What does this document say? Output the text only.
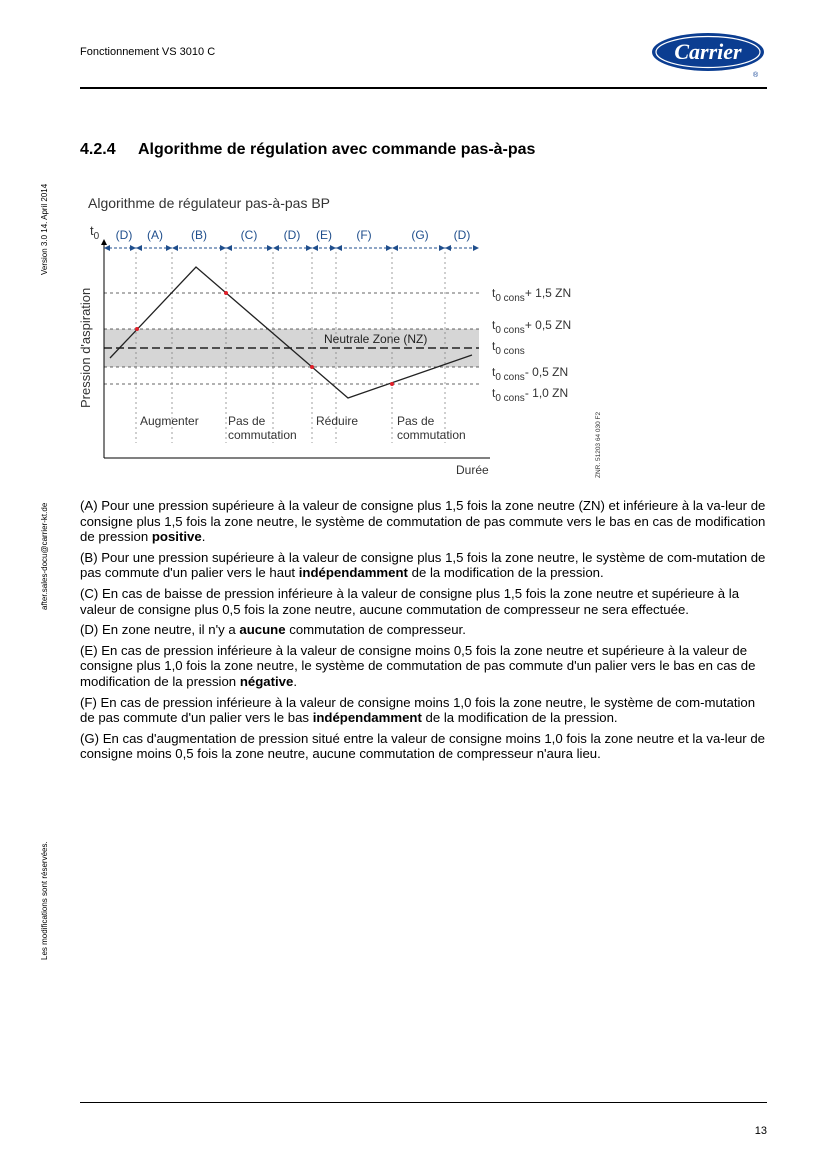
Fonctionnement VS 3010 C	Carrier
®
Version 3.0 14. April 2014
after.sales-docu@carrier-kt.de
Les modifications sont réservées.
4.2.4 Algorithme de régulation avec commande pas-à-pas
Algorithme de régulateur pas-à-pas BP
$t_0$
Pression d'aspiration	Neutrale Zone (NZ)
Durée
(D) (A) (B)	(C) (D) (E) (F)	(G) (D)
$t_{0 cons}+ 1,5$ ZN
$t_{0 cons}+ 0,5$ ZN
$t_{0 cons}$
$t_{0 cons}-$ 0,5 ZN
$t_{0 cons}-$ 1,0 ZN
Augmenter Pas de
commutation
Réduire	Pas de
commutation	ZNR. 51203 64 030 F2

(A) Pour une pression supérieure à la valeur de consigne plus 1,5 fois la zone neutre (ZN) et inférieure à la va-leur de consigne plus 1,5 fois la zone neutre, le système de commutation de pas commute vers le bas en cas de modification de pression positive.

(B) Pour une pression supérieure à la valeur de consigne plus 1,5 fois la zone neutre, le système de com-mutation de pas commute d'un palier vers le haut indépendamment de la modification de la pression.

(C) En cas de baisse de pression inférieure à la valeur de consigne plus 1,5 fois la zone neutre et supérieure à la valeur de consigne plus 0,5 fois la zone neutre, aucune commutation de compresseur ne sera effectuée.

(D) En zone neutre, il n'y a aucune commutation de compresseur.

(E) En cas de pression inférieure à la valeur de consigne moins 0,5 fois la zone neutre et supérieure à la valeur de consigne plus 1,0 fois la zone neutre, le système de commutation de pas commute d'un palier vers le bas en cas de modification de la pression négative.

(F) En cas de pression inférieure à la valeur de consigne moins 1,0 fois la zone neutre, le système de com-mutation de pas commute d'un palier vers le bas indépendamment de la modification de la pression.

(G) En cas d'augmentation de pression situé entre la valeur de consigne moins 1,0 fois la zone neutre et la va-leur de consigne moins 0,5 fois la zone neutre, aucune commutation de compresseur n'aura lieu.

13
